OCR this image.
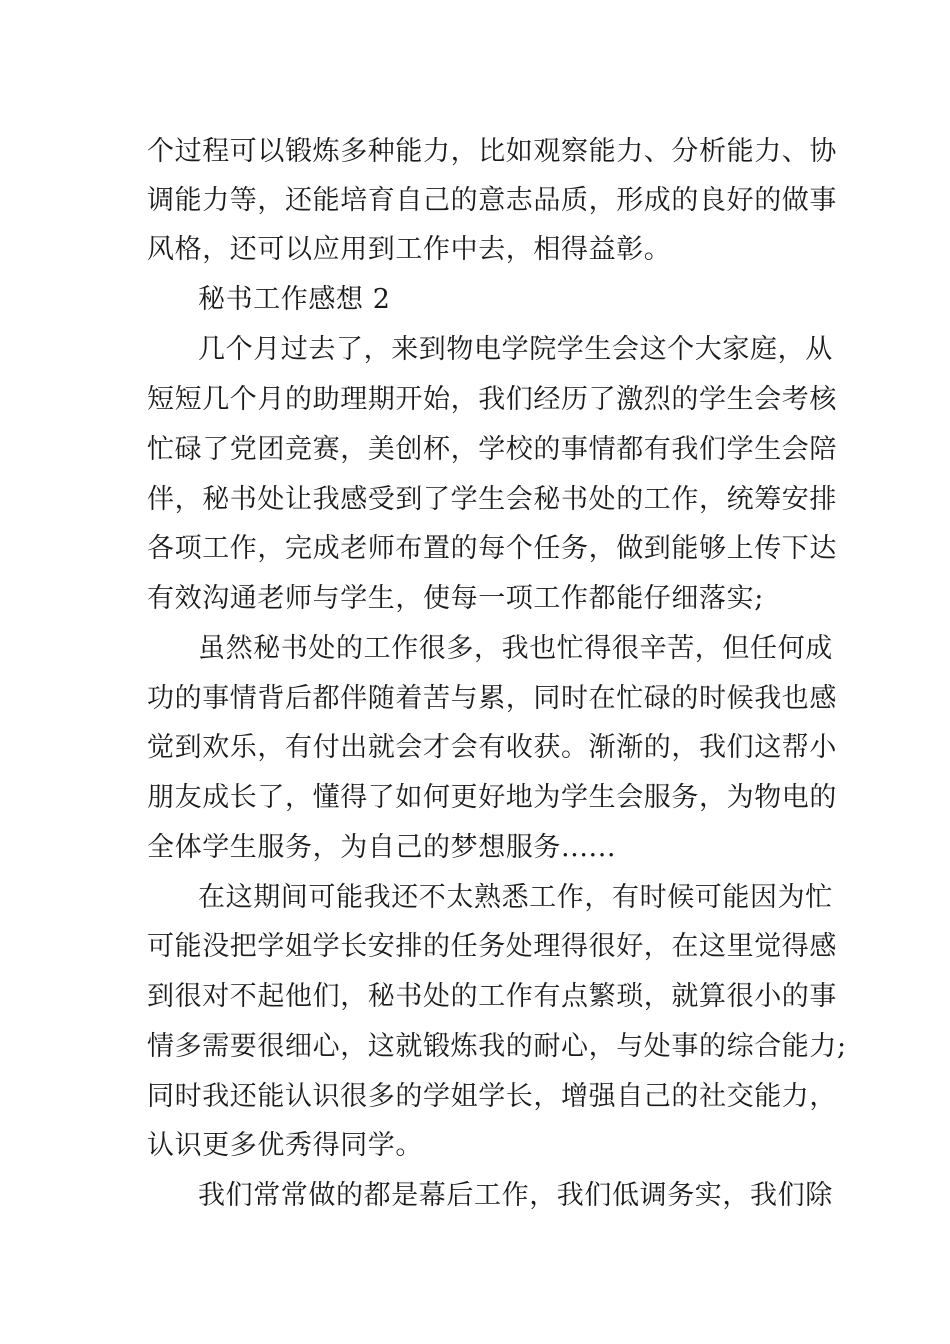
个过程可以锻炼多种能力，比如观察能力、分析能力、协
调能力等，还能培育自己的意志品质，形成的良好的做事
风格，还可以应用到工作中去，相得益彰。
秘书工作感想 2
几个月过去了，来到物电学院学生会这个大家庭，从
短短几个月的助理期开始，我们经历了激烈的学生会考核
忙碌了党团竞赛，美创杯，学校的事情都有我们学生会陪
伴，秘书处让我感受到了学生会秘书处的工作，统筹安排
各项工作，完成老师布置的每个任务，做到能够上传下达
有效沟通老师与学生，使每一项工作都能仔细落实;
虽然秘书处的工作很多，我也忙得很辛苦，但任何成
功的事情背后都伴随着苦与累，同时在忙碌的时候我也感
觉到欢乐，有付出就会才会有收获。渐渐的，我们这帮小
朋友成长了，懂得了如何更好地为学生会服务，为物电的
全体学生服务，为自己的梦想服务......
在这期间可能我还不太熟悉工作，有时候可能因为忙
可能没把学姐学长安排的任务处理得很好，在这里觉得感
到很对不起他们，秘书处的工作有点繁琐，就算很小的事
情多需要很细心，这就锻炼我的耐心，与处事的综合能力;
同时我还能认识很多的学姐学长，增强自己的社交能力，
认识更多优秀得同学。
我们常常做的都是幕后工作，我们低调务实，我们除
